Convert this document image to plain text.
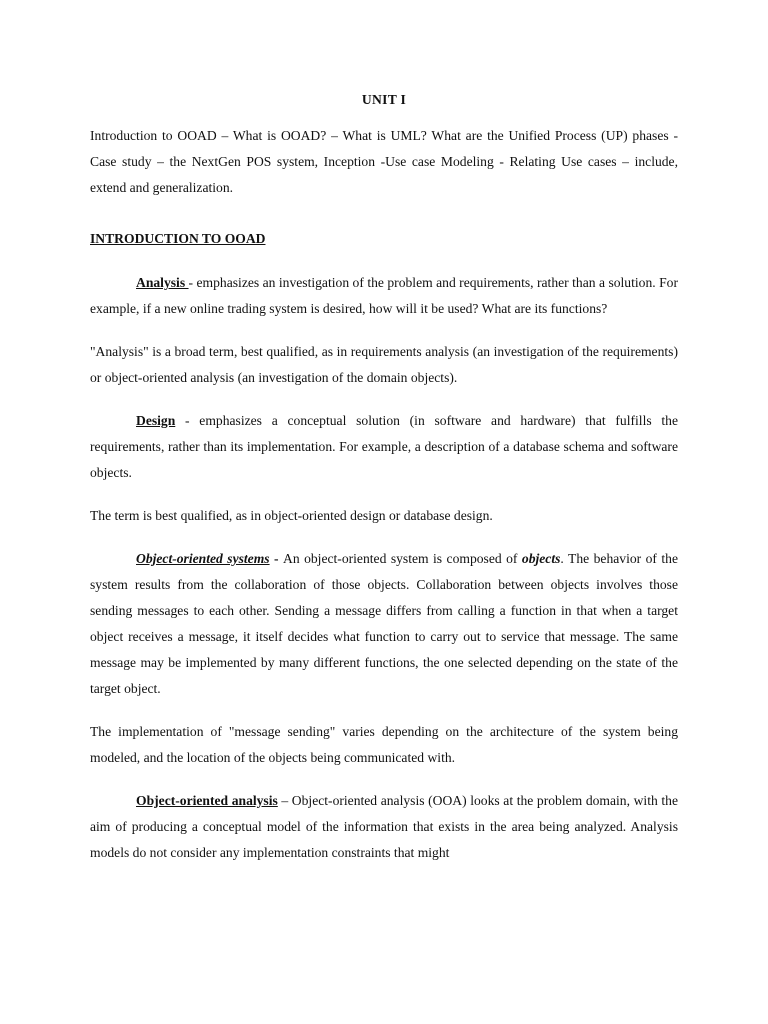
UNIT I

Introduction to OOAD – What is OOAD? – What is UML? What are the Unified Process (UP) phases - Case study – the NextGen POS system, Inception -Use case Modeling - Relating Use cases – include, extend and generalization.

INTRODUCTION TO OOAD

Analysis - emphasizes an investigation of the problem and requirements, rather than a solution. For example, if a new online trading system is desired, how will it be used? What are its functions?

"Analysis" is a broad term, best qualified, as in requirements analysis (an investigation of the requirements) or object-oriented analysis (an investigation of the domain objects).

Design - emphasizes a conceptual solution (in software and hardware) that fulfills the requirements, rather than its implementation. For example, a description of a database schema and software objects.

The term is best qualified, as in object-oriented design or database design.

Object-oriented systems - An object-oriented system is composed of objects. The behavior of the system results from the collaboration of those objects. Collaboration between objects involves those sending messages to each other. Sending a message differs from calling a function in that when a target object receives a message, it itself decides what function to carry out to service that message. The same message may be implemented by many different functions, the one selected depending on the state of the target object.

The implementation of "message sending" varies depending on the architecture of the system being modeled, and the location of the objects being communicated with.

Object-oriented analysis – Object-oriented analysis (OOA) looks at the problem domain, with the aim of producing a conceptual model of the information that exists in the area being analyzed. Analysis models do not consider any implementation constraints that might
